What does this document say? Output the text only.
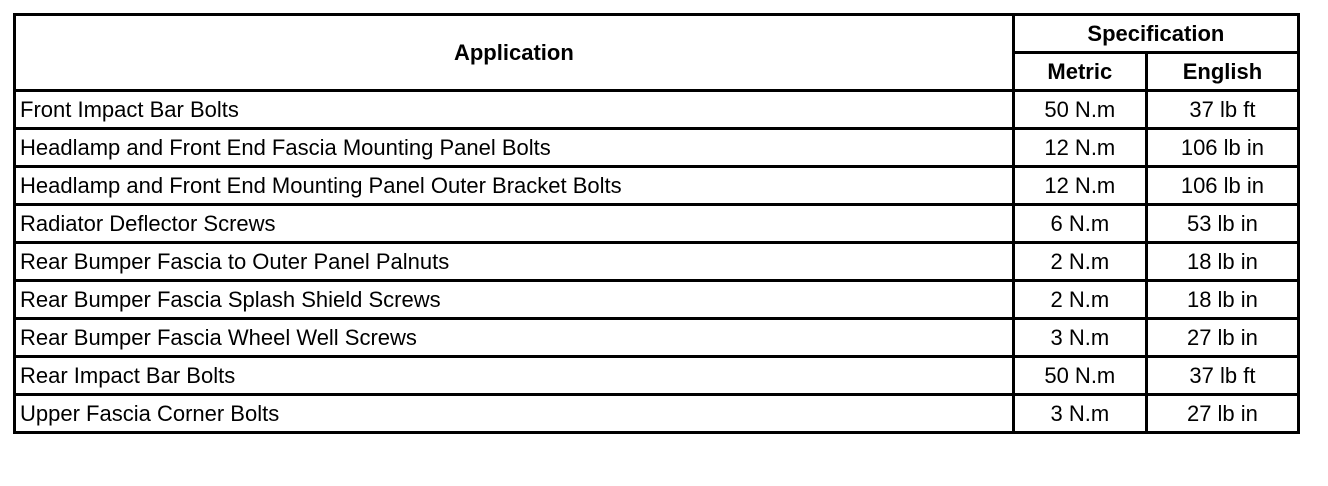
Application	Specification	
	Metric	English
Front Impact Bar Bolts	50 N.m	37 lb ft
Headlamp and Front End Fascia Mounting Panel Bolts	12 N.m	106 lb in
Headlamp and Front End Mounting Panel Outer Bracket Bolts	12 N.m	106 lb in
Radiator Deflector Screws	6 N.m	53 lb in
Rear Bumper Fascia to Outer Panel Palnuts	2 N.m	18 lb in
Rear Bumper Fascia Splash Shield Screws	2 N.m	18 lb in
Rear Bumper Fascia Wheel Well Screws	3 N.m	27 lb in
Rear Impact Bar Bolts	50 N.m	37 lb ft
Upper Fascia Corner Bolts	3 N.m	27 lb in
